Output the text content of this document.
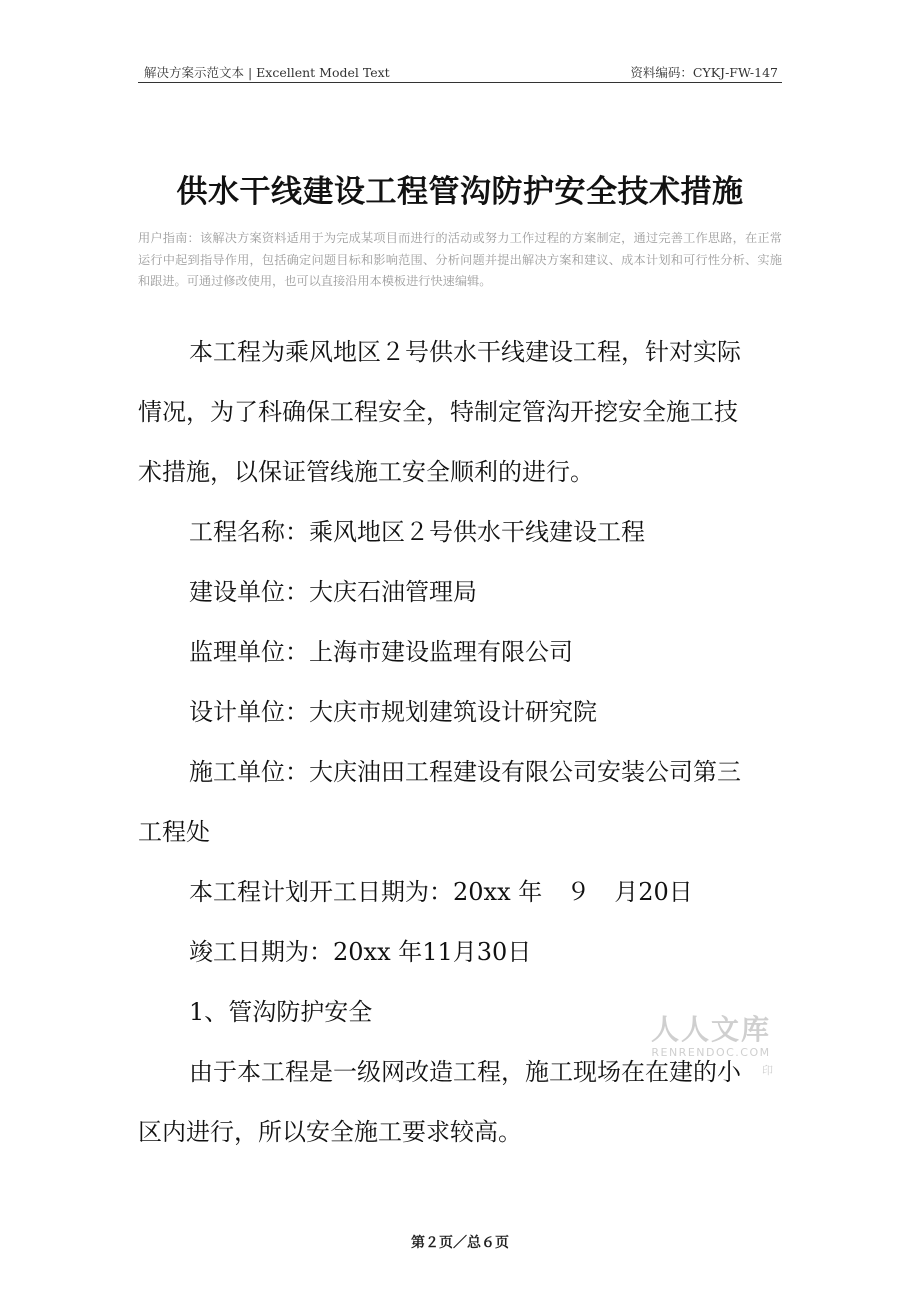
解决方案示范文本 | Excellent Model Text	资料编码：CYKJ-FW-147
供水干线建设工程管沟防护安全技术措施
用户指南：该解决方案资料适用于为完成某项目而进行的活动或努力工作过程的方案制定，通过完善工作思路，在正常运行中起到指导作用，包括确定问题目标和影响范围、分析问题并提出解决方案和建议、成本计划和可行性分析、实施和跟进。可通过修改使用，也可以直接沿用本模板进行快速编辑。
本工程为乘风地区２号供水干线建设工程，针对实际
情况，为了科确保工程安全，特制定管沟开挖安全施工技
术措施，以保证管线施工安全顺利的进行。
工程名称：乘风地区２号供水干线建设工程
建设单位：大庆石油管理局
监理单位：上海市建设监理有限公司
设计单位：大庆市规划建筑设计研究院
施工单位：大庆油田工程建设有限公司安装公司第三
工程处
本工程计划开工日期为：20xx 年　９　月20日
竣工日期为：20xx 年11月30日
1、管沟防护安全
由于本工程是一级网改造工程，施工现场在在建的小
区内进行，所以安全施工要求较高。
人人文库
RENRENDOC.COM
印
第２页／总６页
